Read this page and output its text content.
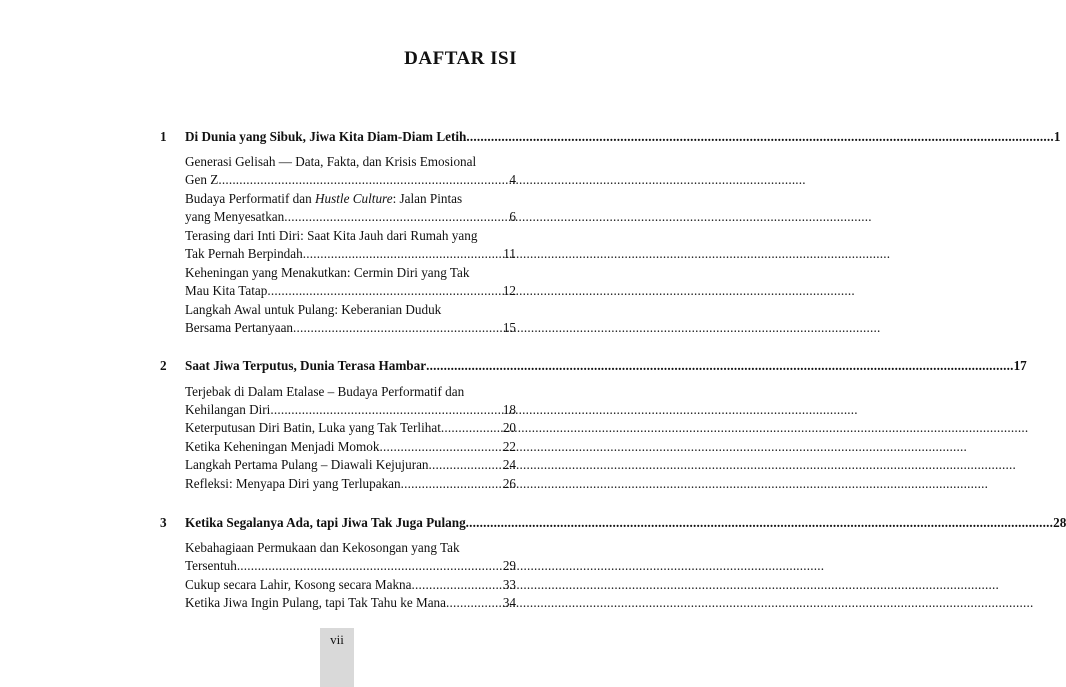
DAFTAR ISI
1	Di Dunia yang Sibuk, Jiwa Kita Diam-Diam Letih .....	1
Generasi Gelisah — Data, Fakta, dan Krisis Emosional
Gen Z .....	4
Budaya Performatif dan Hustle Culture: Jalan Pintas
yang Menyesatkan .....	6
Terasing dari Inti Diri: Saat Kita Jauh dari Rumah yang
Tak Pernah Berpindah .....	11
Keheningan yang Menakutkan: Cermin Diri yang Tak
Mau Kita Tatap .....	12
Langkah Awal untuk Pulang: Keberanian Duduk
Bersama Pertanyaan .....	15
2	Saat Jiwa Terputus, Dunia Terasa Hambar .....	17
Terjebak di Dalam Etalase – Budaya Performatif dan
Kehilangan Diri .....	18
Keterputusan Diri Batin, Luka yang Tak Terlihat .....	20
Ketika Keheningan Menjadi Momok .....	22
Langkah Pertama Pulang – Diawali Kejujuran .....	24
Refleksi: Menyapa Diri yang Terlupakan .....	26
3	Ketika Segalanya Ada, tapi Jiwa Tak Juga Pulang .....	28
Kebahagiaan Permukaan dan Kekosongan yang Tak
Tersentuh .....	29
Cukup secara Lahir, Kosong secara Makna .....	33
Ketika Jiwa Ingin Pulang, tapi Tak Tahu ke Mana .....	34
vii
